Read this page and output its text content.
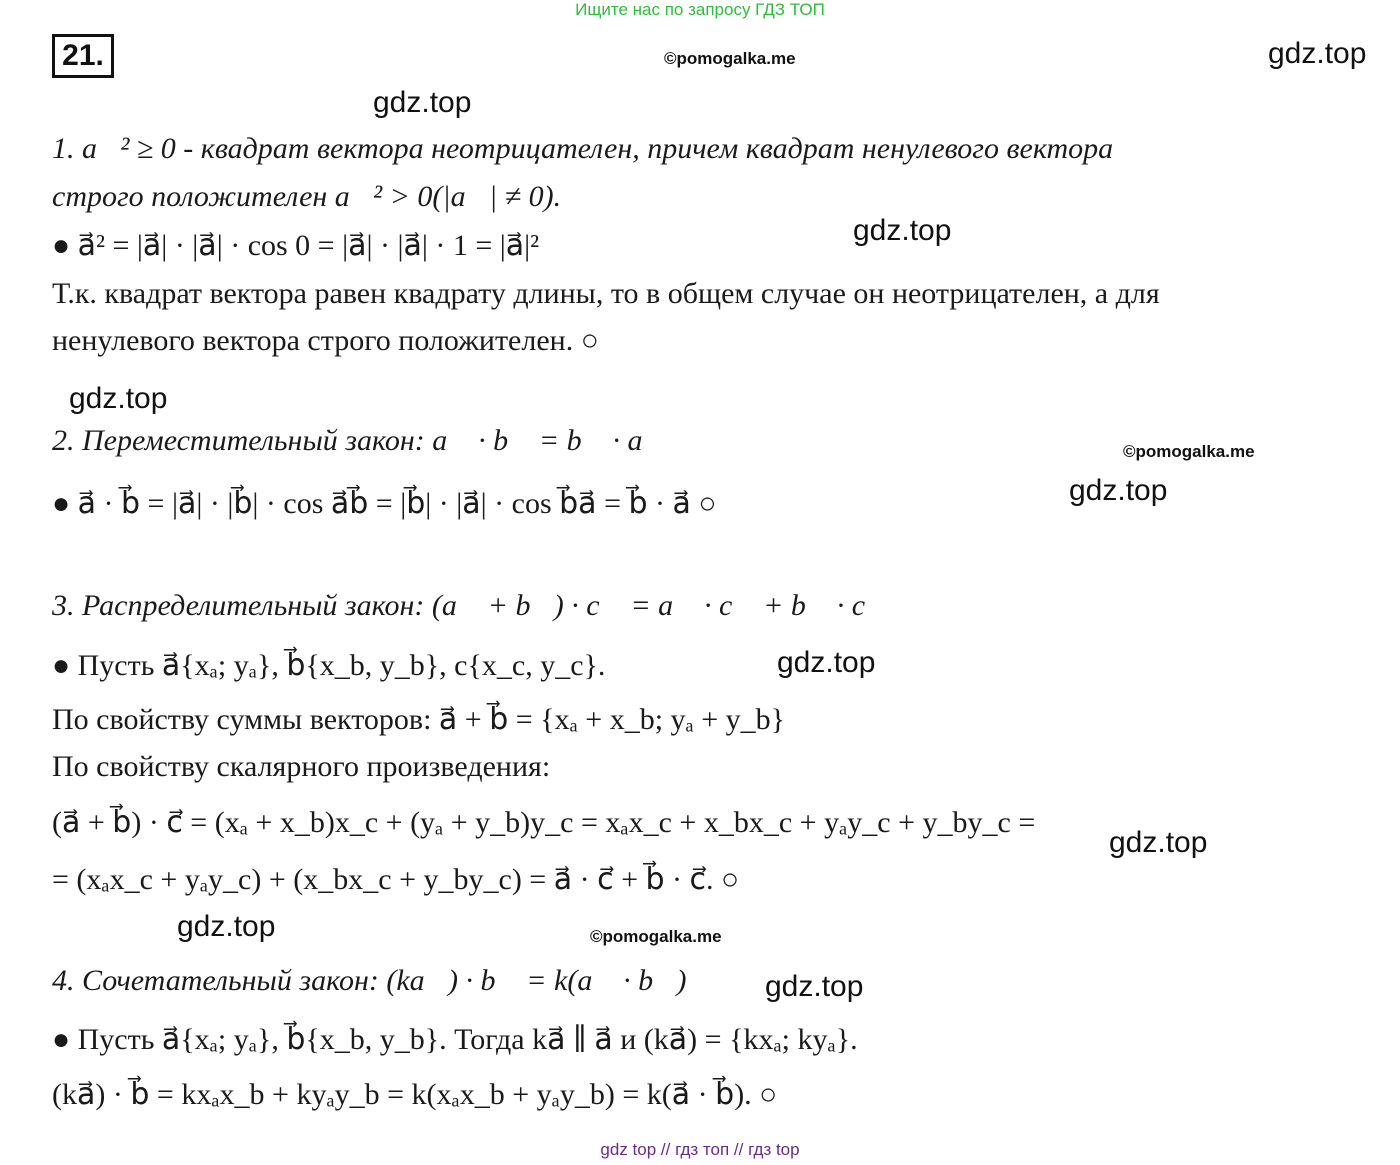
Ищите нас по запросу ГДЗ ТОП
21.	©pomogalka.me
©pomogalka.me
©pomogalka.me
gdz.top
gdz.top
gdz.top
gdz.top
gdz.top
gdz.top
gdz.top
gdz.top
gdz.top
1. a⃗² ≥ 0 - квадрат вектора неотрицателен, причем квадрат ненулевого вектора
строго положителен a⃗² > 0(|a⃗| ≠ 0).
● a⃗² = |a⃗| · |a⃗| · cos 0 = |a⃗| · |a⃗| · 1 = |a⃗|²
Т.к. квадрат вектора равен квадрату длины, то в общем случае он неотрицателен, а для
ненулевого вектора строго положителен. ○
2. Переместительный закон: a⃗ · b⃗ = b⃗ · a⃗
● a⃗ · b⃗ = |a⃗| · |b⃗| · cos a⃗b⃗ = |b⃗| · |a⃗| · cos b⃗a⃗ = b⃗ · a⃗ ○
3. Распределительный закон: (a⃗ + b⃗) · c⃗ = a⃗ · c⃗ + b⃗ · c⃗
● Пусть a⃗{xₐ; yₐ}, b⃗{x_b, y_b}, c{x_c, y_c}.
По свойству суммы векторов: a⃗ + b⃗ = {xₐ + x_b; yₐ + y_b}
По свойству скалярного произведения:
(a⃗ + b⃗) · c⃗ = (xₐ + x_b)x_c + (yₐ + y_b)y_c = xₐx_c + x_bx_c + yₐy_c + y_by_c =
= (xₐx_c + yₐy_c) + (x_bx_c + y_by_c) = a⃗ · c⃗ + b⃗ · c⃗. ○
4. Сочетательный закон: (ka⃗) · b⃗ = k(a⃗ · b⃗)
● Пусть a⃗{xₐ; yₐ}, b⃗{x_b, y_b}. Тогда ka⃗ ∥ a⃗ и (ka⃗) = {kxₐ; kyₐ}.
(ka⃗) · b⃗ = kxₐx_b + kyₐy_b = k(xₐx_b + yₐy_b) = k(a⃗ · b⃗). ○
gdz top // гдз топ // гдз top
